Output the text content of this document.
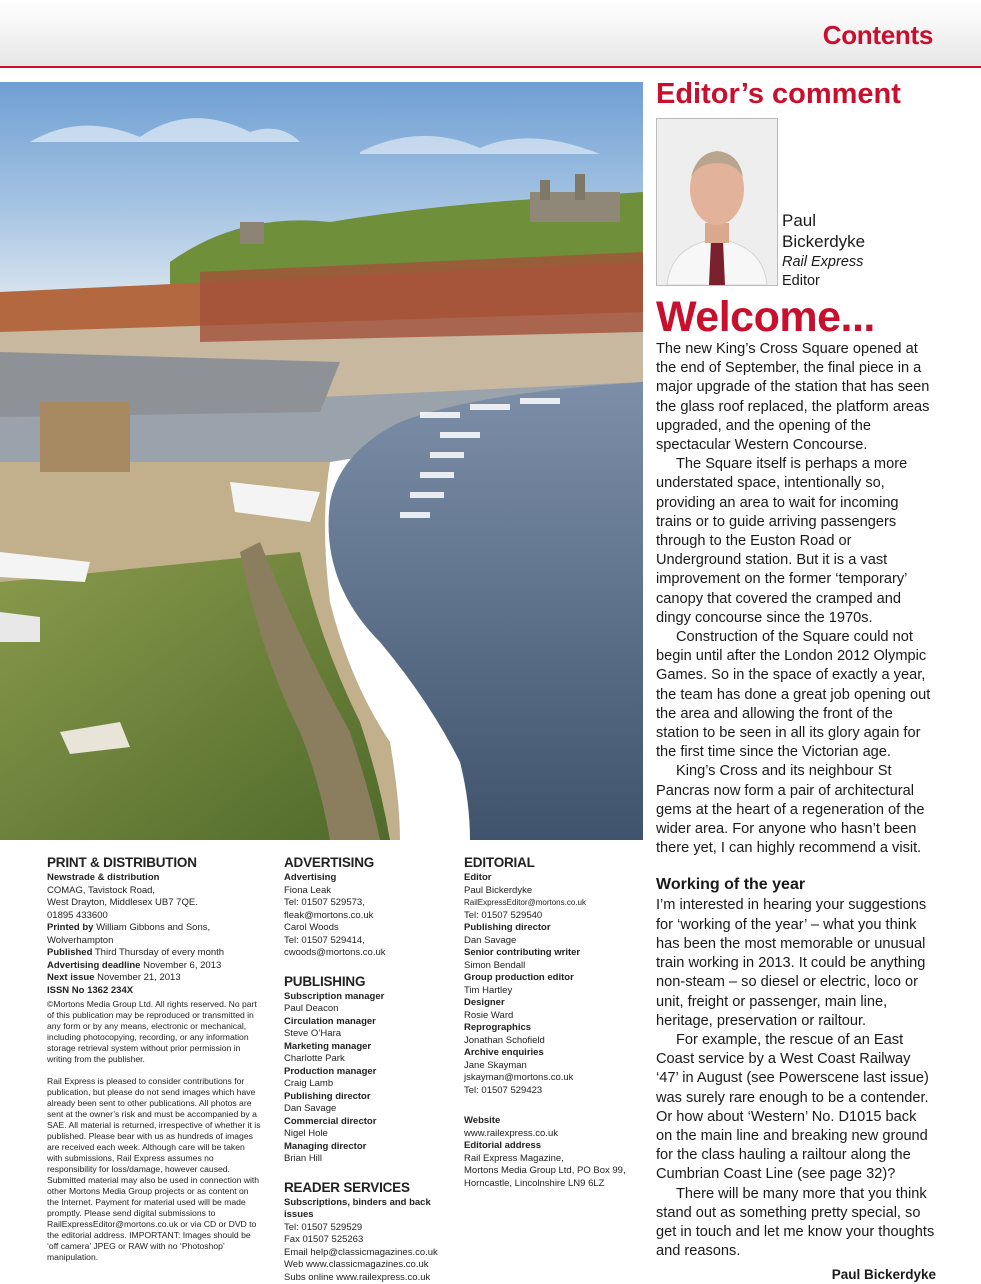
Contents
Editor’s comment
Paul
Bickerdyke
Rail Express
Editor
Welcome...

The new King’s Cross Square opened at the end of September, the final piece in a major upgrade of the station that has seen the glass roof replaced, the platform areas upgraded, and the opening of the spectacular Western Concourse.

The Square itself is perhaps a more understated space, intentionally so, providing an area to wait for incoming trains or to guide arriving passengers through to the Euston Road or Underground station. But it is a vast improvement on the former ‘temporary’ canopy that covered the cramped and dingy concourse since the 1970s.

Construction of the Square could not begin until after the London 2012 Olympic Games. So in the space of exactly a year, the team has done a great job opening out the area and allowing the front of the station to be seen in all its glory again for the first time since the Victorian age.

King’s Cross and its neighbour St Pancras now form a pair of architectural gems at the heart of a regeneration of the wider area. For anyone who hasn’t been there yet, I can highly recommend a visit.

Working of the year

I’m interested in hearing your suggestions for ‘working of the year’ – what you think has been the most memorable or unusual train working in 2013. It could be anything non-steam – so diesel or electric, loco or unit, freight or passenger, main line, heritage, preservation or railtour.

For example, the rescue of an East Coast service by a West Coast Railway ‘47’ in August (see Powerscene last issue) was surely rare enough to be a contender. Or how about ‘Western’ No. D1015 back on the main line and breaking new ground for the class hauling a railtour along the Cumbrian Coast Line (see page 32)?

There will be many more that you think stand out as something pretty special, so get in touch and let me know your thoughts and reasons.

Paul Bickerdyke
PRINT & DISTRIBUTION
Newstrade & distribution
COMAG, Tavistock Road,
West Drayton, Middlesex UB7 7QE.
01895 433600
Printed by William Gibbons and Sons, Wolverhampton
Published Third Thursday of every month
Advertising deadline November 6, 2013
Next issue November 21, 2013
ISSN No 1362 234X
©Mortons Media Group Ltd. All rights reserved. No part of this publication may be reproduced or transmitted in any form or by any means, electronic or mechanical, including photocopying, recording, or any information storage retrieval system without prior permission in writing from the publisher.
Rail Express is pleased to consider contributions for publication, but please do not send images which have already been sent to other publications. All photos are sent at the owner’s risk and must be accompanied by a SAE. All material is returned, irrespective of whether it is published. Please bear with us as hundreds of images are received each week. Although care will be taken with submissions, Rail Express assumes no responsibility for loss/damage, however caused. Submitted material may also be used in connection with other Mortons Media Group projects or as content on the Internet. Payment for material used will be made promptly. Please send digital submissions to RailExpressEditor@mortons.co.uk or via CD or DVD to the editorial address. IMPORTANT: Images should be ‘off camera’ JPEG or RAW with no ‘Photoshop’ manipulation.
ADVERTISING
Advertising
Fiona Leak
Tel: 01507 529573, fleak@mortons.co.uk
Carol Woods
Tel: 01507 529414, cwoods@mortons.co.uk
PUBLISHING
Subscription manager
Paul Deacon
Circulation manager
Steve O’Hara
Marketing manager
Charlotte Park
Production manager
Craig Lamb
Publishing director
Dan Savage
Commercial director
Nigel Hole
Managing director
Brian Hill
READER SERVICES
Subscriptions, binders and back issues
Tel: 01507 529529
Fax 01507 525263
Email help@classicmagazines.co.uk
Web www.classicmagazines.co.uk
Subs online www.railexpress.co.uk
EDITORIAL
Editor
Paul Bickerdyke
RailExpressEditor@mortons.co.uk
Tel: 01507 529540
Publishing director
Dan Savage
Senior contributing writer
Simon Bendall
Group production editor
Tim Hartley
Designer
Rosie Ward
Reprographics
Jonathan Schofield
Archive enquiries
Jane Skayman
jskayman@mortons.co.uk
Tel: 01507 529423
Website
www.railexpress.co.uk
Editorial address
Rail Express Magazine,
Mortons Media Group Ltd, PO Box 99,
Horncastle, Lincolnshire LN9 6LZ
